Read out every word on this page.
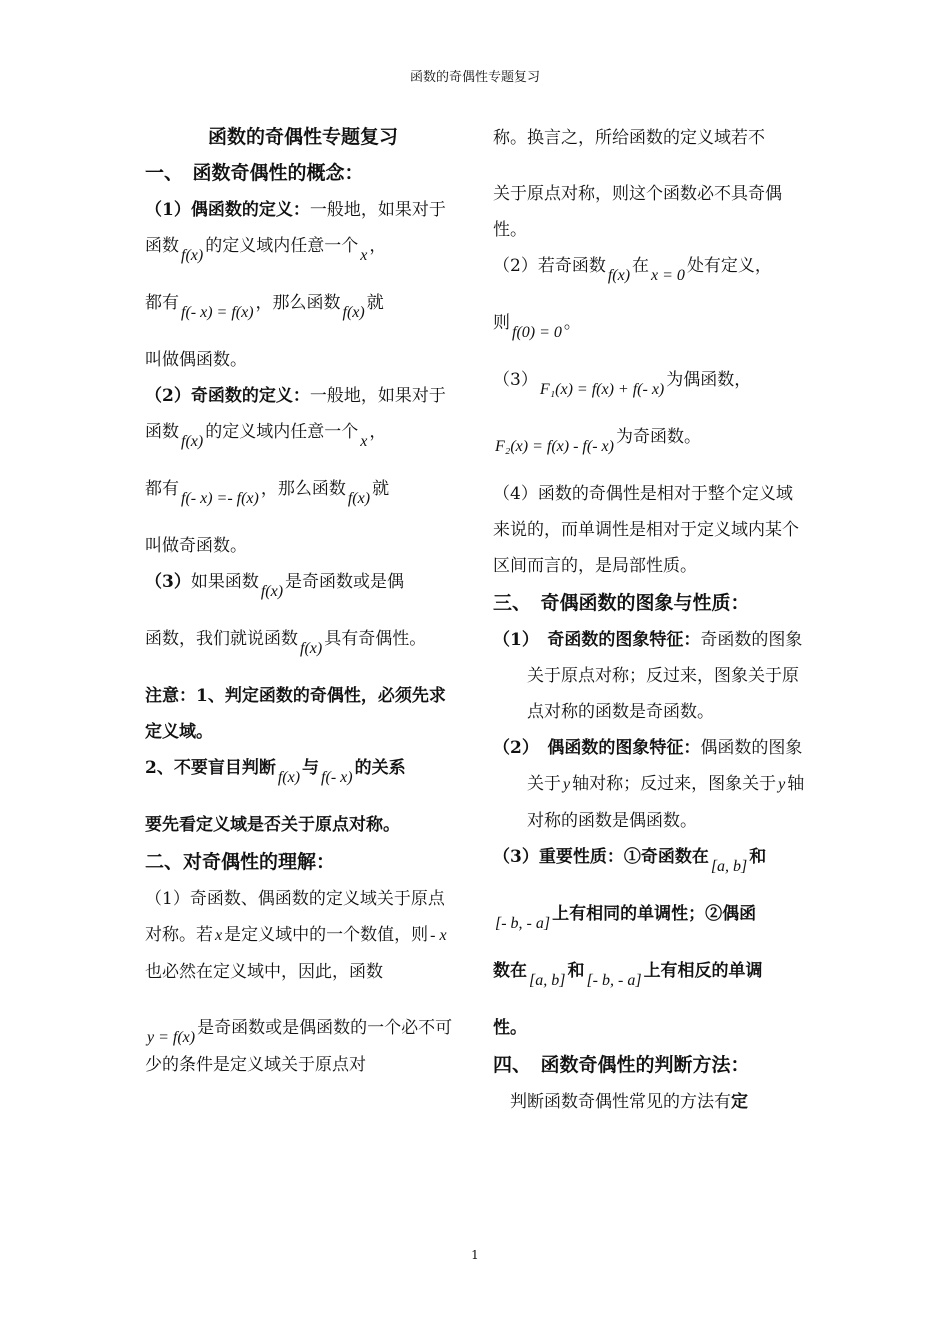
函数的奇偶性专题复习
函数的奇偶性专题复习
一、　函数奇偶性的概念：

（1）偶函数的定义：一般地，如果对于函数 f(x) 的定义域内任意一个 x ，

都有 f(- x) = f(x) ，那么函数 f(x) 就

叫做偶函数。

（2）奇函数的定义：一般地，如果对于函数 f(x) 的定义域内任意一个 x ，

都有 f(- x) =- f(x) ，那么函数 f(x) 就

叫做奇函数。

（3）如果函数 f(x) 是奇函数或是偶

函数，我们就说函数 f(x) 具有奇偶性。

注意：1、判定函数的奇偶性，必须先求定义域。

2、不要盲目判断 f(x) 与 f(- x) 的关系

要先看定义域是否关于原点对称。

二、对奇偶性的理解：

（1）奇函数、偶函数的定义域关于原点对称。若 x 是定义域中的一个数值，则 - x也必然在定义域中，因此，函数

y = f(x) 是奇函数或是偶函数的一个必不可少的条件是定义域关于原点对

称。换言之，所给函数的定义域若不

关于原点对称，则这个函数必不具奇偶性。

（2）若奇函数 f(x) 在 x = 0 处有定义，

则 f(0) = 0 。

（3） F₁(x) = f(x) + f(- x) 为偶函数，

F₂(x) = f(x) - f(- x) 为奇函数。

（4）函数的奇偶性是相对于整个定义域来说的，而单调性是相对于定义域内某个区间而言的，是局部性质。

三、　奇偶函数的图象与性质：

（1）　奇函数的图象特征：奇函数的图象关于原点对称；反过来，图象关于原点对称的函数是奇函数。

（2）　偶函数的图象特征：偶函数的图象关于 y 轴对称；反过来，图象关于 y 轴对称的函数是偶函数。

（3）重要性质：①奇函数在 [a, b] 和

[- b, - a] 上有相同的单调性；②偶函

数在 [a, b] 和 [- b, - a] 上有相反的单调

性。

四、　函数奇偶性的判断方法：

　判断函数奇偶性常见的方法有定

1
